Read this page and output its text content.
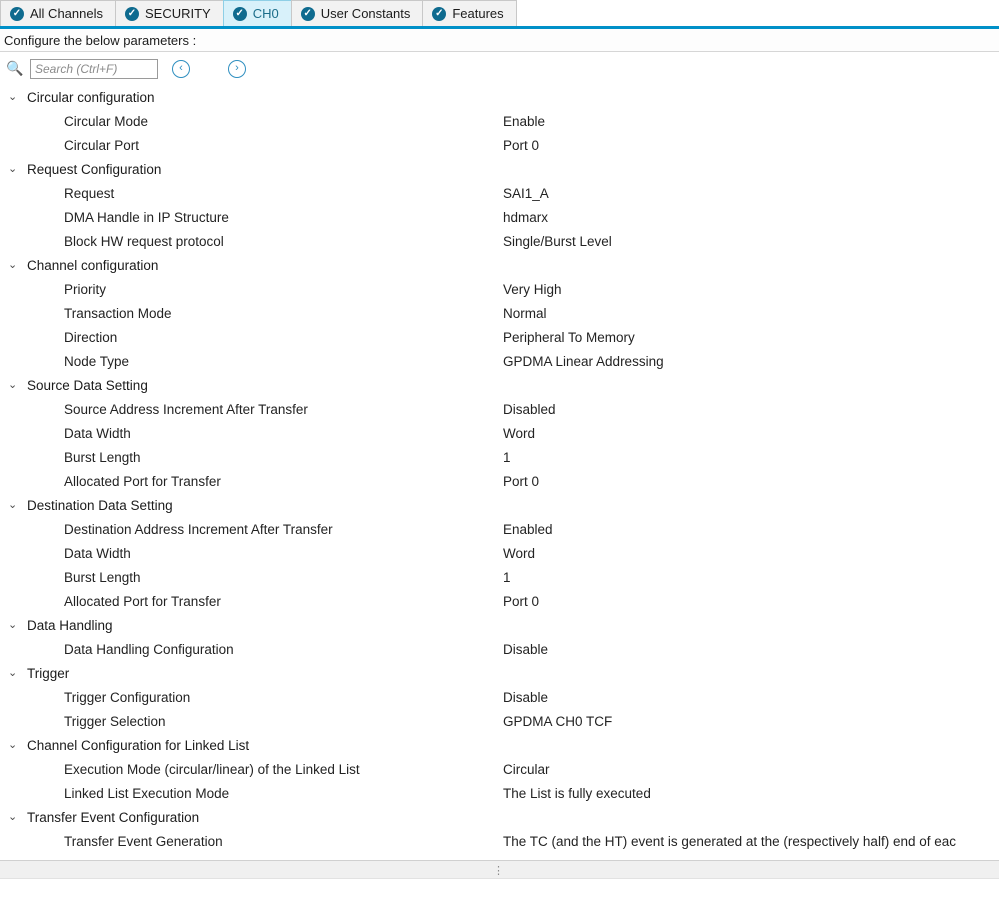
✓ All Channels ✓ SECURITY ✓ CH0 ✓ User Constants ✓ Features
Configure the below parameters :
🔍
Search (Ctrl+F)	‹	›
⌄ Circular configuration
Circular Mode	Enable
Circular Port	Port 0
⌄ Request Configuration
Request	SAI1_A
DMA Handle in IP Structure	hdmarx
Block HW request protocol	Single/Burst Level
⌄ Channel configuration
Priority	Very High
Transaction Mode	Normal
Direction	Peripheral To Memory
Node Type	GPDMA Linear Addressing
⌄ Source Data Setting
Source Address Increment After Transfer	Disabled
Data Width	Word
Burst Length	1
Allocated Port for Transfer	Port 0
⌄ Destination Data Setting
Destination Address Increment After Transfer	Enabled
Data Width	Word
Burst Length	1
Allocated Port for Transfer	Port 0
⌄ Data Handling
Data Handling Configuration	Disable
⌄ Trigger
Trigger Configuration	Disable
Trigger Selection	GPDMA CH0 TCF
⌄ Channel Configuration for Linked List
Execution Mode (circular/linear) of the Linked List	Circular
Linked List Execution Mode	The List is fully executed
⌄ Transfer Event Configuration
Transfer Event Generation	The TC (and the HT) event is generated at the (respectively half) end of eac
⋮
